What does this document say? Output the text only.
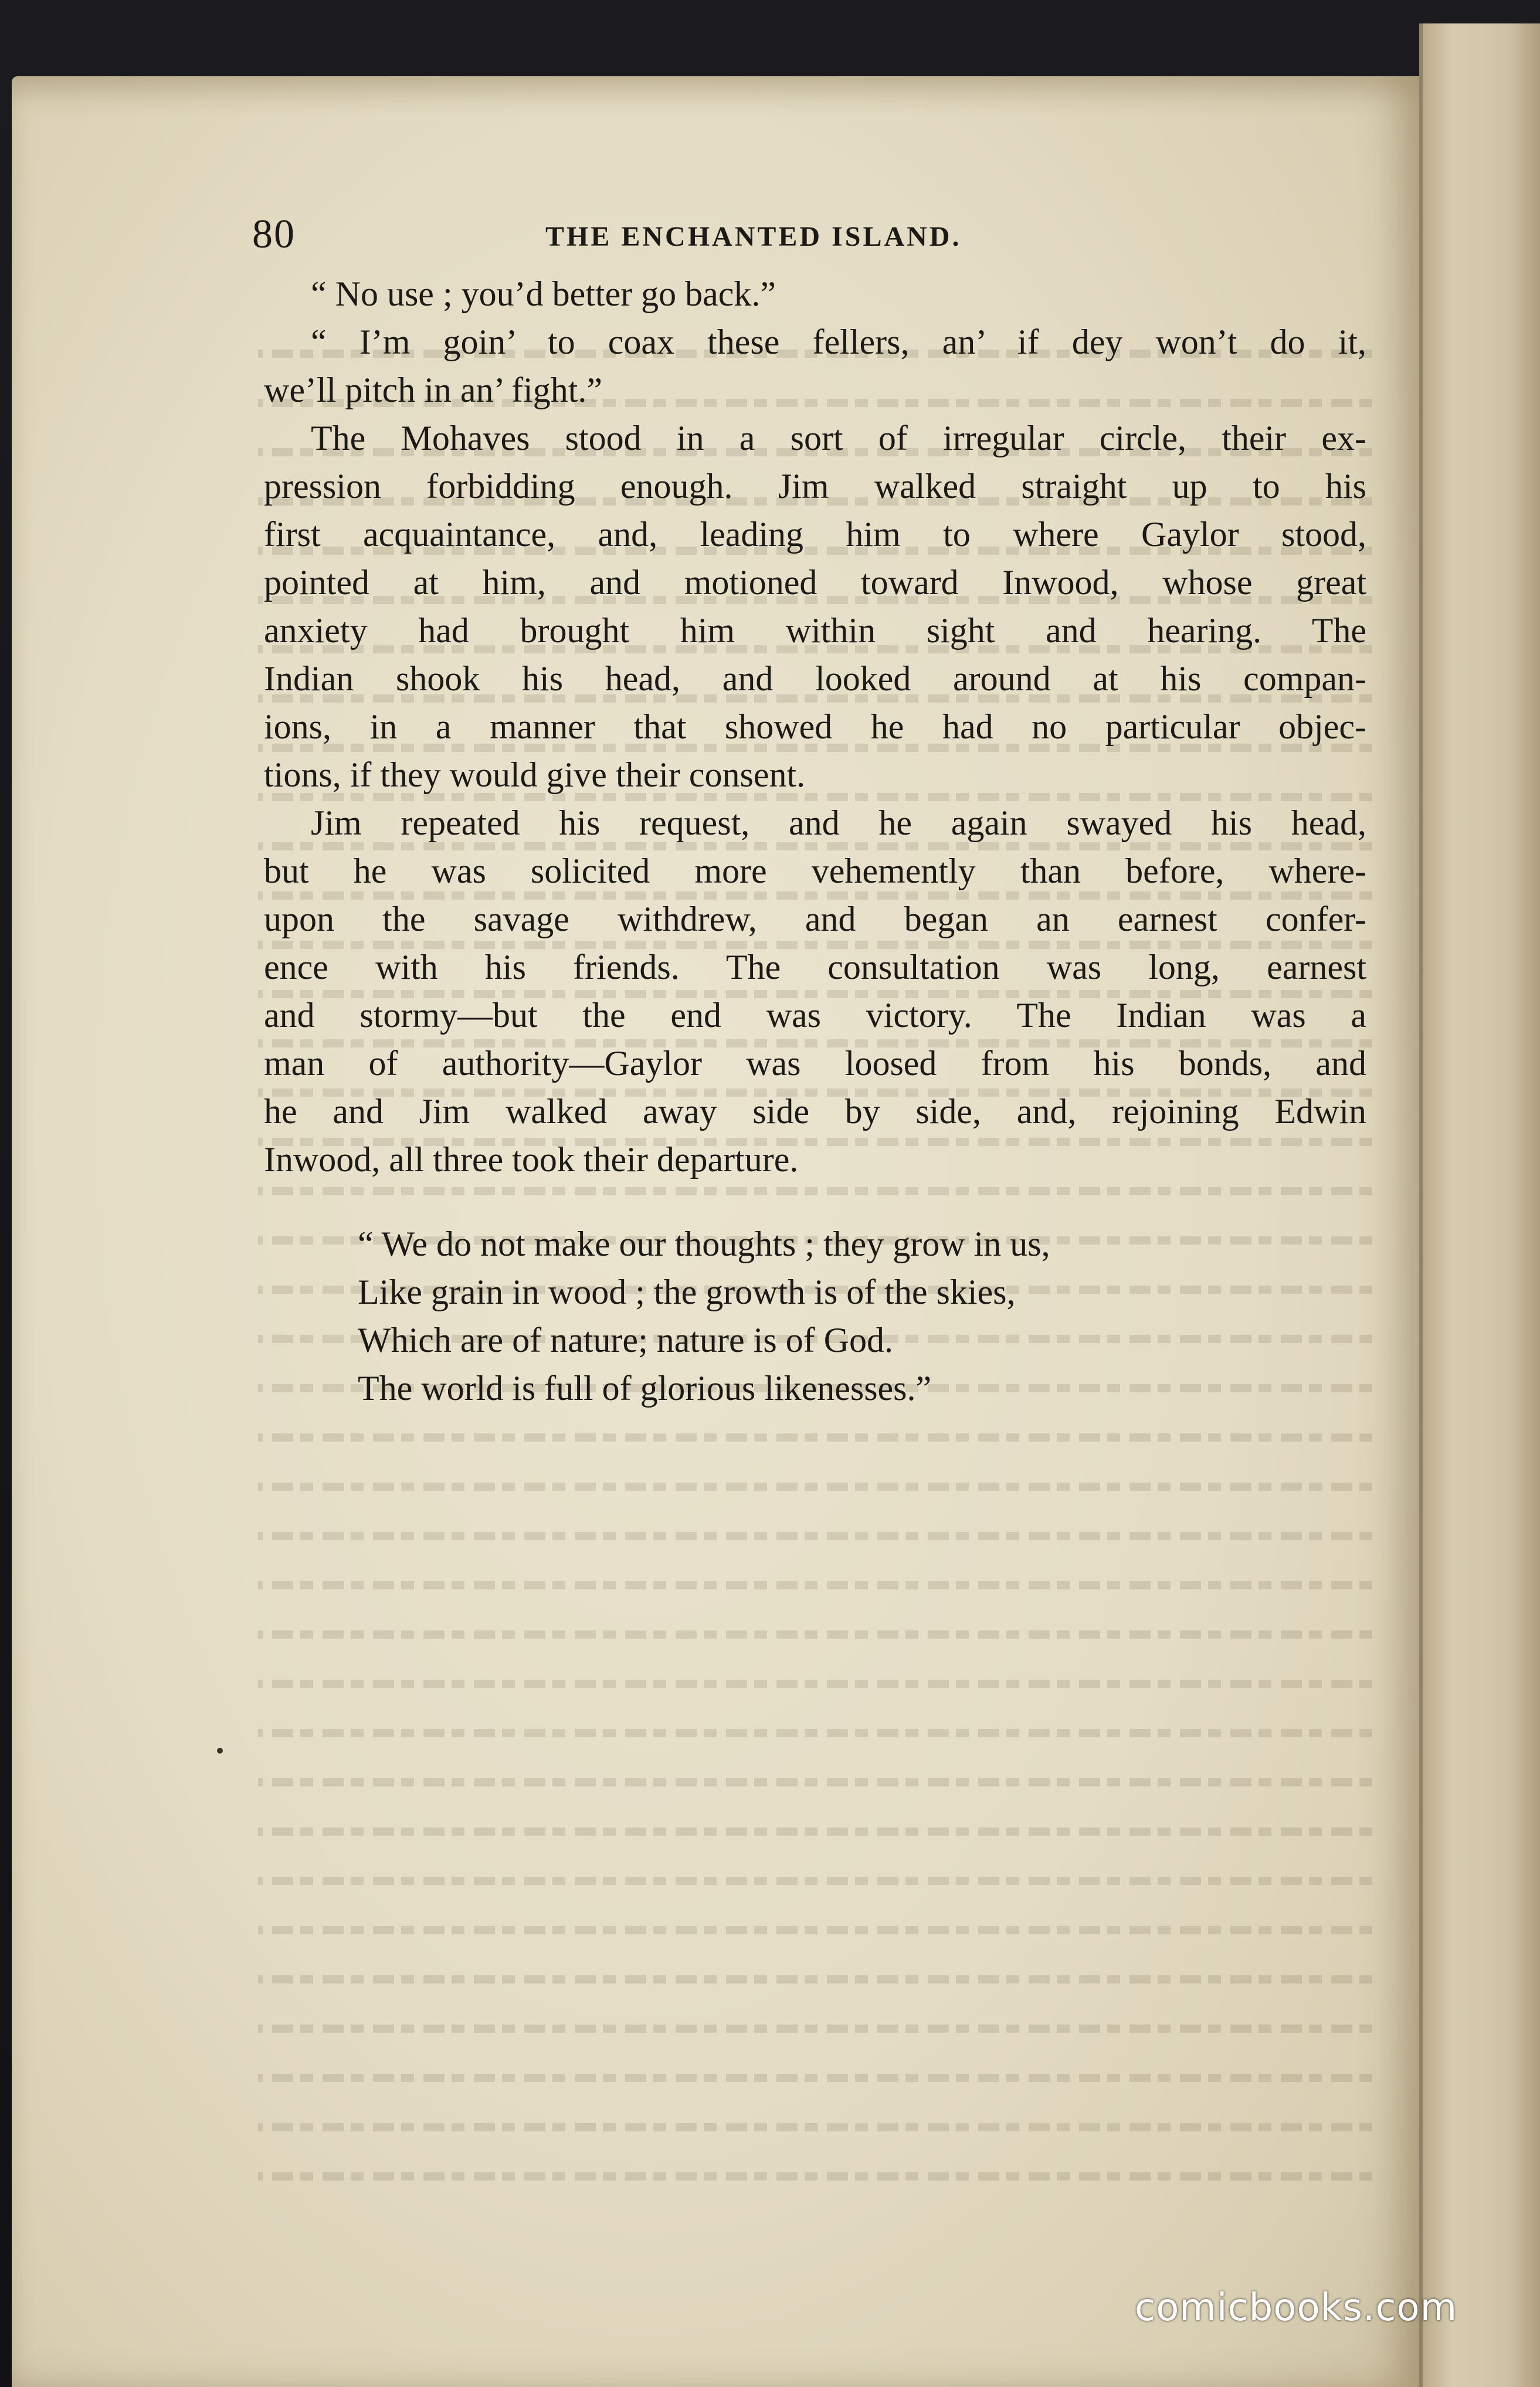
80	THE ENCHANTED ISLAND.
“ No use ; you’d better go back.”
“ I’m goin’ to coax these fellers, an’ if dey won’t do it,
we’ll pitch in an’ fight.”
The Mohaves stood in a sort of irregular circle, their ex-
pression forbidding enough. Jim walked straight up to his
first acquaintance, and, leading him to where Gaylor stood,
pointed at him, and motioned toward Inwood, whose great
anxiety had brought him within sight and hearing. The
Indian shook his head, and looked around at his compan-
ions, in a manner that showed he had no particular objec-
tions, if they would give their consent.
Jim repeated his request, and he again swayed his head,
but he was solicited more vehemently than before, where-
upon the savage withdrew, and began an earnest confer-
ence with his friends. The consultation was long, earnest
and stormy—but the end was victory. The Indian was a
man of authority—Gaylor was loosed from his bonds, and
he and Jim walked away side by side, and, rejoining Edwin
Inwood, all three took their departure.
“ We do not make our thoughts ; they grow in us,
Like grain in wood ; the growth is of the skies,
Which are of nature; nature is of God.
The world is full of glorious likenesses.”
comicbooks.com
